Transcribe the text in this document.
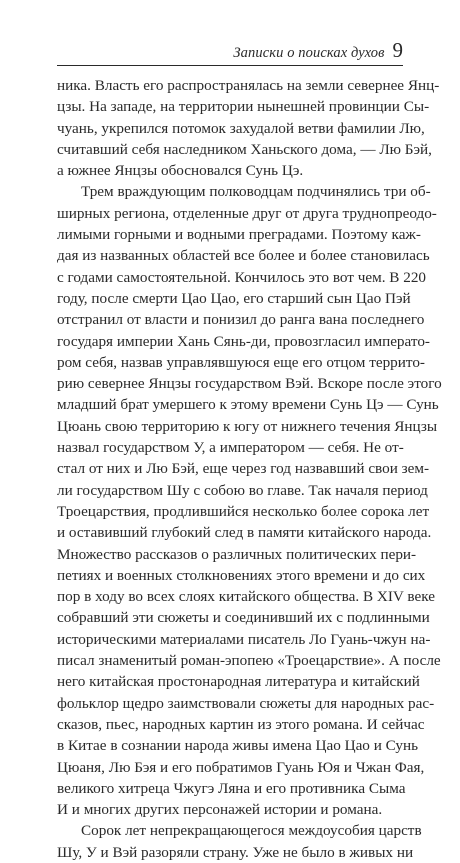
Записки о поисках духов 9
ника. Власть его распространялась на земли севернее Янц-
цзы. На западе, на территории нынешней провинции Сы-
чуань, укрепился потомок захудалой ветви фамилии Лю,
считавший себя наследником Ханьского дома, — Лю Бэй,
а южнее Янцзы обосновался Сунь Цэ.
Трем враждующим полководцам подчинялись три об-
ширных региона, отделенные друг от друга труднопреодо-
лимыми горными и водными преградами. Поэтому каж-
дая из названных областей все более и более становилась
с годами самостоятельной. Кончилось это вот чем. В 220
году, после смерти Цао Цао, его старший сын Цао Пэй
отстранил от власти и понизил до ранга вана последнего
государя империи Хань Сянь-ди, провозгласил императо-
ром себя, назвав управлявшуюся еще его отцом террито-
рию севернее Янцзы государством Вэй. Вскоре после этого
младший брат умершего к этому времени Сунь Цэ — Сунь
Цюань свою территорию к югу от нижнего течения Янцзы
назвал государством У, а императором — себя. Не от-
стал от них и Лю Бэй, еще через год назвавший свои зем-
ли государством Шу с собою во главе. Так началя период
Троецарствия, продлившийся несколько более сорока лет
и оставивший глубокий след в памяти китайского народа.
Множество рассказов о различных политических пери-
петиях и военных столкновениях этого времени и до сих
пор в ходу во всех слоях китайского общества. В XIV веке
собравший эти сюжеты и соединивший их с подлинными
историческими материалами писатель Ло Гуань-чжун на-
писал знаменитый роман-эпопею «Троецарствие». А после
него китайская простонародная литература и китайский
фольклор щедро заимствовали сюжеты для народных рас-
сказов, пьес, народных картин из этого романа. И сейчас
в Китае в сознании народа живы имена Цао Цао и Сунь
Цюаня, Лю Бэя и его побратимов Гуань Юя и Чжан Фая,
великого хитреца Чжугэ Ляна и его противника Сыма
И и многих других персонажей истории и романа.
Сорок лет непрекращающегося междоусобия царств
Шу, У и Вэй разоряли страну. Уже не было в живых ни
